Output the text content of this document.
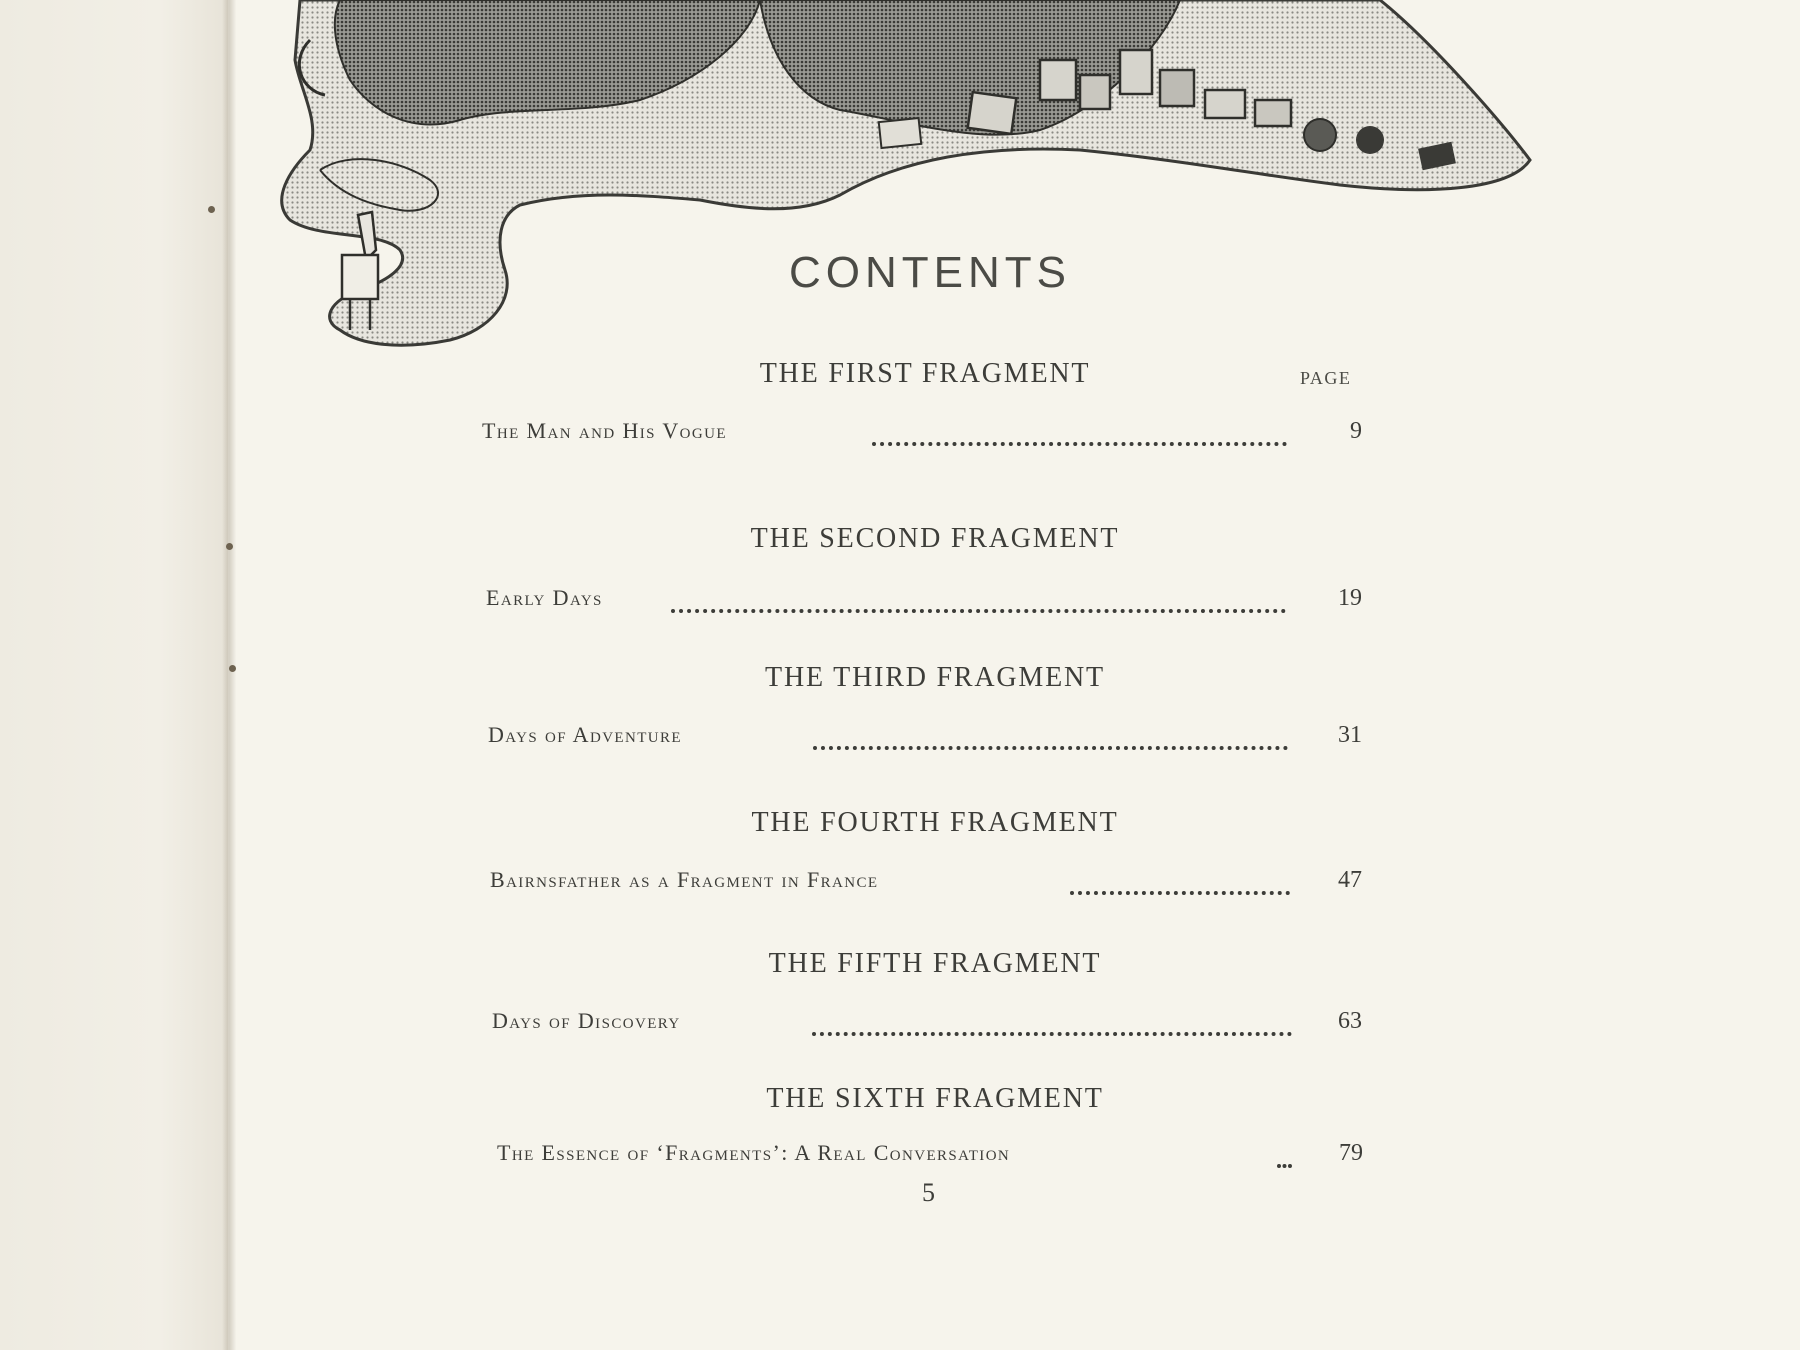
CONTENTS
PAGE
THE FIRST FRAGMENT
The Man and His Vogue	9
THE SECOND FRAGMENT
Early Days	19
THE THIRD FRAGMENT
Days of Adventure	31
THE FOURTH FRAGMENT
Bairnsfather as a Fragment in France	47
THE FIFTH FRAGMENT
Days of Discovery	63
THE SIXTH FRAGMENT
The Essence of ‘Fragments’: A Real Conversation	79
5
